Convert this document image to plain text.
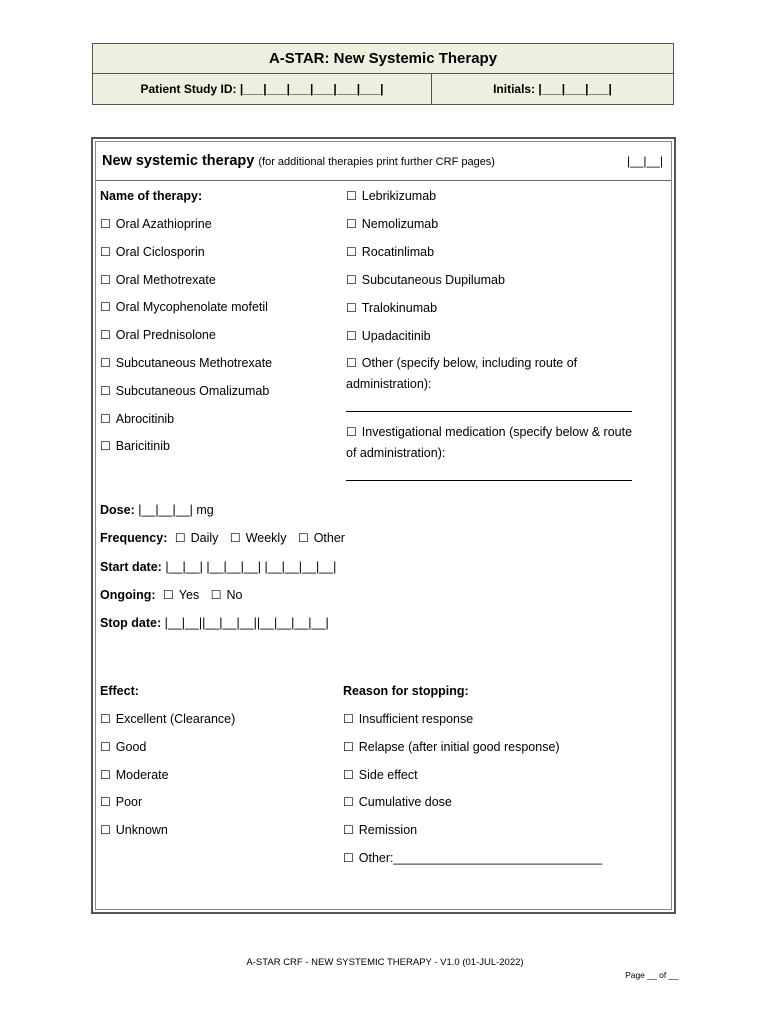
A-STAR: New Systemic Therapy
Patient Study ID: |___|___|___|___|___|___|	Initials: |___|___|___|
New systemic therapy (for additional therapies print further CRF pages)	|__|__|
Name of therapy:
☐ Oral Azathioprine
☐ Oral Ciclosporin
☐ Oral Methotrexate
☐ Oral Mycophenolate mofetil
☐ Oral Prednisolone
☐ Subcutaneous Methotrexate
☐ Subcutaneous Omalizumab
☐ Abrocitinib
☐ Baricitinib
☐ Lebrikizumab
☐ Nemolizumab
☐ Rocatinlimab
☐ Subcutaneous Dupilumab
☐ Tralokinumab
☐ Upadacitinib
☐ Other (specify below, including route of administration):
☐ Investigational medication (specify below & route of administration):
Dose: |__|__|__| mg
Frequency: ☐ Daily ☐ Weekly ☐ Other
Start date: |__|__| |__|__|__| |__|__|__|__|
Ongoing: ☐ Yes ☐ No
Stop date: |__|__||__|__|__||__|__|__|__|
Effect:	Reason for stopping:
☐ Excellent (Clearance)
☐ Good
☐ Moderate
☐ Poor
☐ Unknown
☐ Insufficient response
☐ Relapse (after initial good response)
☐ Side effect
☐ Cumulative dose
☐ Remission
☐ Other:______________________________
A-STAR CRF - NEW SYSTEMIC THERAPY - V1.0 (01-JUL-2022)
Page __ of __
